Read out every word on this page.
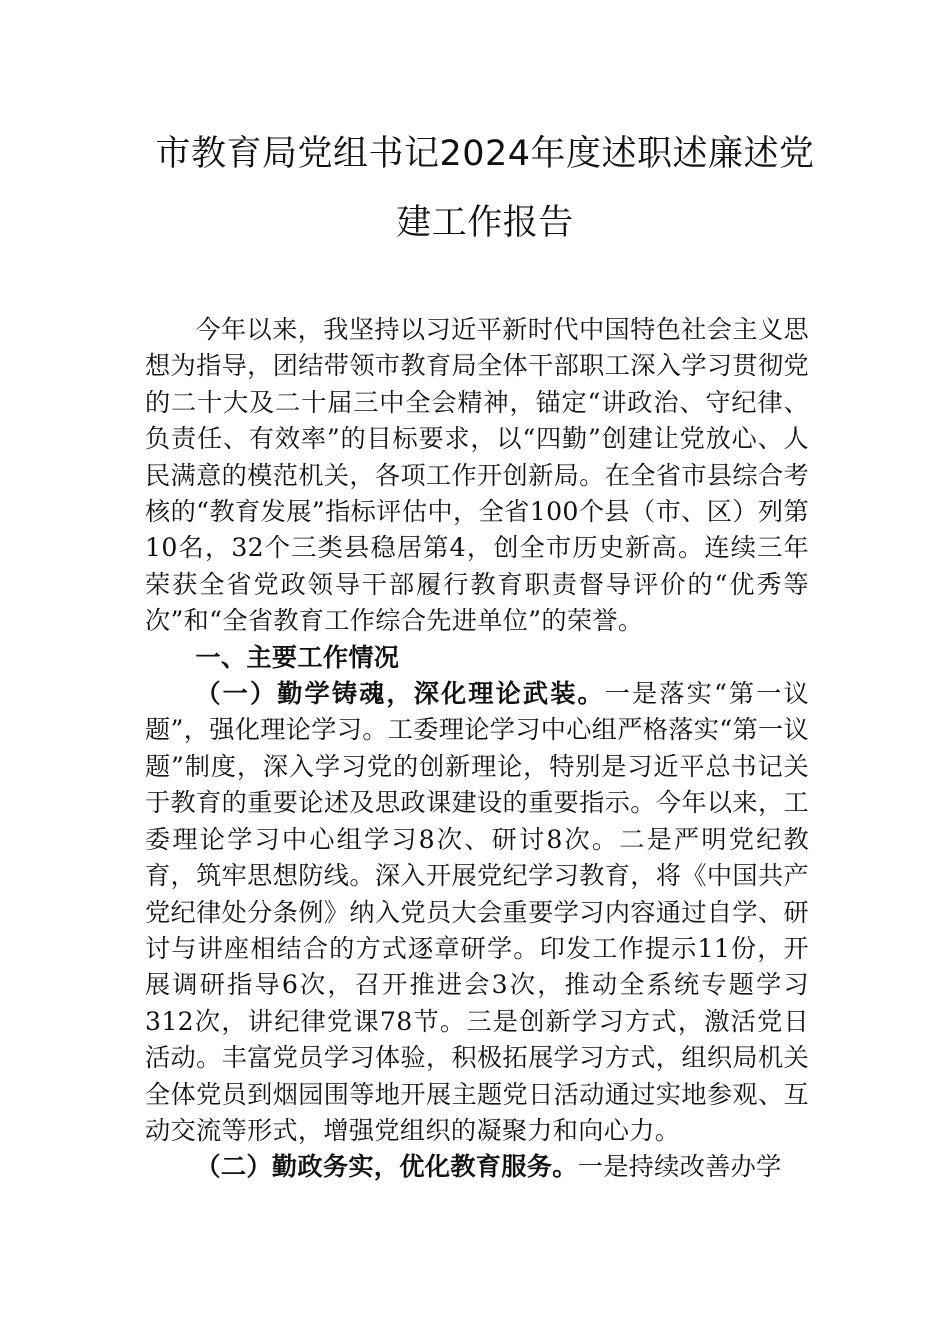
市教育局党组书记2024年度述职述廉述党
建工作报告

今年以来，我坚持以习近平新时代中国特色社会主义思想为指导，团结带领市教育局全体干部职工深入学习贯彻党的二十大及二十届三中全会精神，锚定“讲政治、守纪律、负责任、有效率”的目标要求，以“四勤”创建让党放心、人民满意的模范机关，各项工作开创新局。在全省市县综合考核的“教育发展”指标评估中，全省100个县（市、区）列第10名，32个三类县稳居第4，创全市历史新高。连续三年荣获全省党政领导干部履行教育职责督导评价的“优秀等次”和“全省教育工作综合先进单位”的荣誉。

一、主要工作情况

（一）勤学铸魂，深化理论武装。一是落实“第一议题”，强化理论学习。工委理论学习中心组严格落实“第一议题”制度，深入学习党的创新理论，特别是习近平总书记关于教育的重要论述及思政课建设的重要指示。今年以来，工委理论学习中心组学习8次、研讨8次。二是严明党纪教育，筑牢思想防线。深入开展党纪学习教育，将《中国共产党纪律处分条例》纳入党员大会重要学习内容通过自学、研讨与讲座相结合的方式逐章研学。印发工作提示11份，开展调研指导6次，召开推进会3次，推动全系统专题学习312次，讲纪律党课78节。三是创新学习方式，激活党日活动。丰富党员学习体验，积极拓展学习方式，组织局机关全体党员到烟园围等地开展主题党日活动通过实地参观、互动交流等形式，增强党组织的凝聚力和向心力。

（二）勤政务实，优化教育服务。一是持续改善办学
